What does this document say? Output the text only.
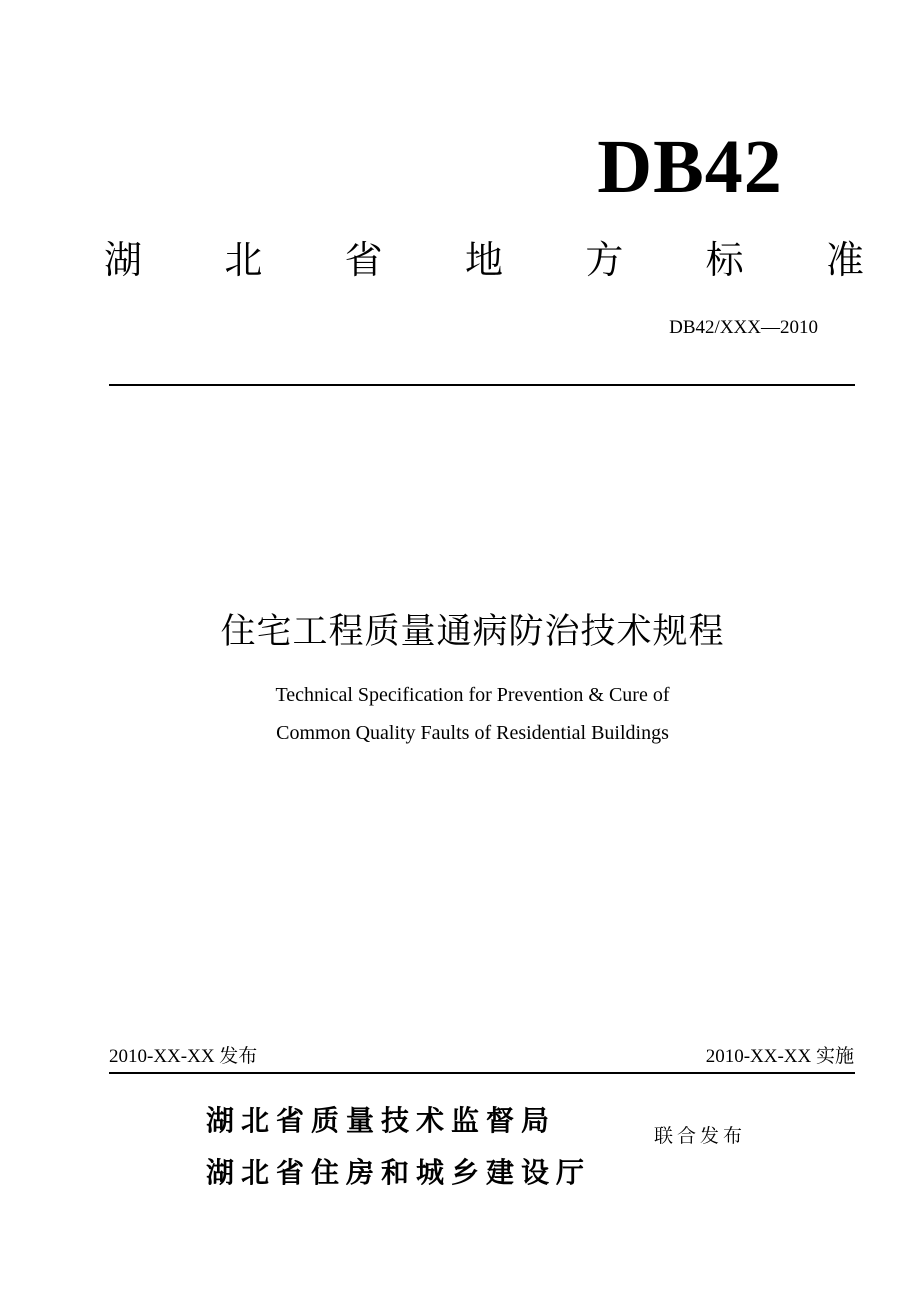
DB42
湖 北 省 地 方 标 准
DB42/XXX—2010
住宅工程质量通病防治技术规程
Technical Specification for Prevention & Cure of
Common Quality Faults of Residential Buildings
2010-XX-XX 发布	2010-XX-XX 实施
湖北省质量技术监督局
湖北省住房和城乡建设厅
联合发布
